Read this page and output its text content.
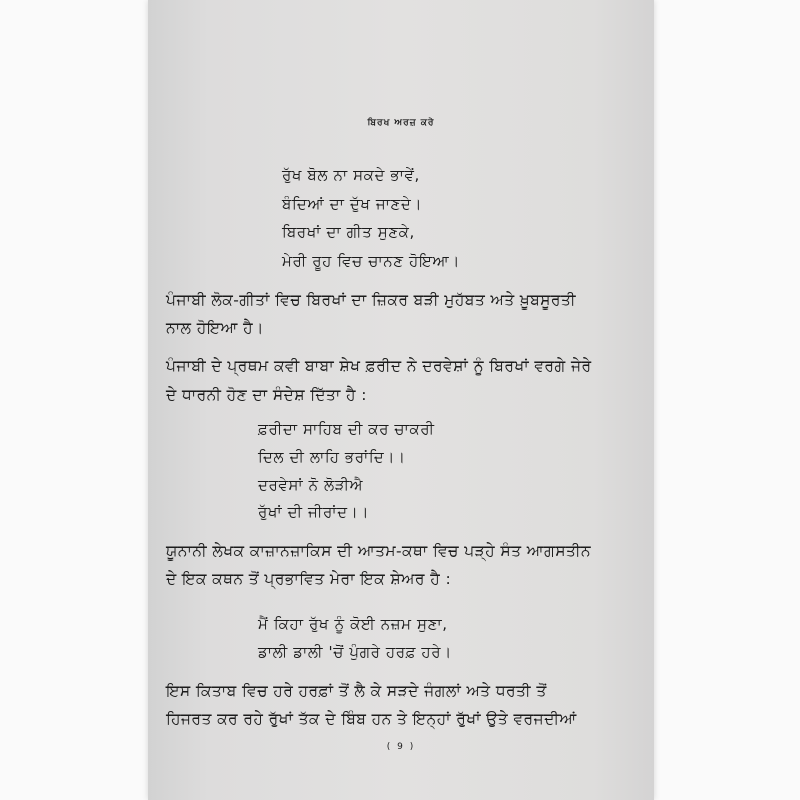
ਬਿਰਖ ਅਰਜ਼ ਕਰੇ
ਰੁੱਖ ਬੋਲ ਨਾ ਸਕਦੇ ਭਾਵੇਂ,
ਬੰਦਿਆਂ ਦਾ ਦੁੱਖ ਜਾਣਦੇ।
ਬਿਰਖਾਂ ਦਾ ਗੀਤ ਸੁਣਕੇ,
ਮੇਰੀ ਰੂਹ ਵਿਚ ਚਾਨਣ ਹੋਇਆ।
ਪੰਜਾਬੀ ਲੋਕ-ਗੀਤਾਂ ਵਿਚ ਬਿਰਖਾਂ ਦਾ ਜ਼ਿਕਰ ਬੜੀ ਮੁਹੱਬਤ ਅਤੇ ਖ਼ੂਬਸੂਰਤੀ
ਨਾਲ ਹੋਇਆ ਹੈ।
ਪੰਜਾਬੀ ਦੇ ਪ੍ਰਥਮ ਕਵੀ ਬਾਬਾ ਸ਼ੇਖ ਫ਼ਰੀਦ ਨੇ ਦਰਵੇਸ਼ਾਂ ਨੂੰ ਬਿਰਖਾਂ ਵਰਗੇ ਜੇਰੇ
ਦੇ ਧਾਰਨੀ ਹੋਣ ਦਾ ਸੰਦੇਸ਼ ਦਿੱਤਾ ਹੈ :
ਫ਼ਰੀਦਾ ਸਾਹਿਬ ਦੀ ਕਰ ਚਾਕਰੀ
ਦਿਲ ਦੀ ਲਾਹਿ ਭਰਾਂਦਿ।।
ਦਰਵੇਸਾਂ ਨੋ ਲੋੜੀਐ
ਰੁੱਖਾਂ ਦੀ ਜੀਰਾਂਦ।।
ਯੂਨਾਨੀ ਲੇਖਕ ਕਾਜ਼ਾਨਜ਼ਾਕਿਸ ਦੀ ਆਤਮ-ਕਥਾ ਵਿਚ ਪੜ੍ਹੇ ਸੰਤ ਆਗਸਤੀਨ
ਦੇ ਇਕ ਕਥਨ ਤੋਂ ਪ੍ਰਭਾਵਿਤ ਮੇਰਾ ਇਕ ਸ਼ੇਅਰ ਹੈ :
ਮੈਂ ਕਿਹਾ ਰੁੱਖ ਨੂੰ ਕੋਈ ਨਜ਼ਮ ਸੁਣਾ,
ਡਾਲੀ ਡਾਲੀ 'ਚੋਂ ਪੁੰਗਰੇ ਹਰਫ਼ ਹਰੇ।
ਇਸ ਕਿਤਾਬ ਵਿਚ ਹਰੇ ਹਰਫ਼ਾਂ ਤੋਂ ਲੈ ਕੇ ਸੜਦੇ ਜੰਗਲਾਂ ਅਤੇ ਧਰਤੀ ਤੋਂ
ਹਿਜਰਤ ਕਰ ਰਹੇ ਰੁੱਖਾਂ ਤੱਕ ਦੇ ਬਿੰਬ ਹਨ ਤੇ ਇਨ੍ਹਾਂ ਰੁੱਖਾਂ ਉਤੇ ਵਰਜਦੀਆਂ
( 9 )
